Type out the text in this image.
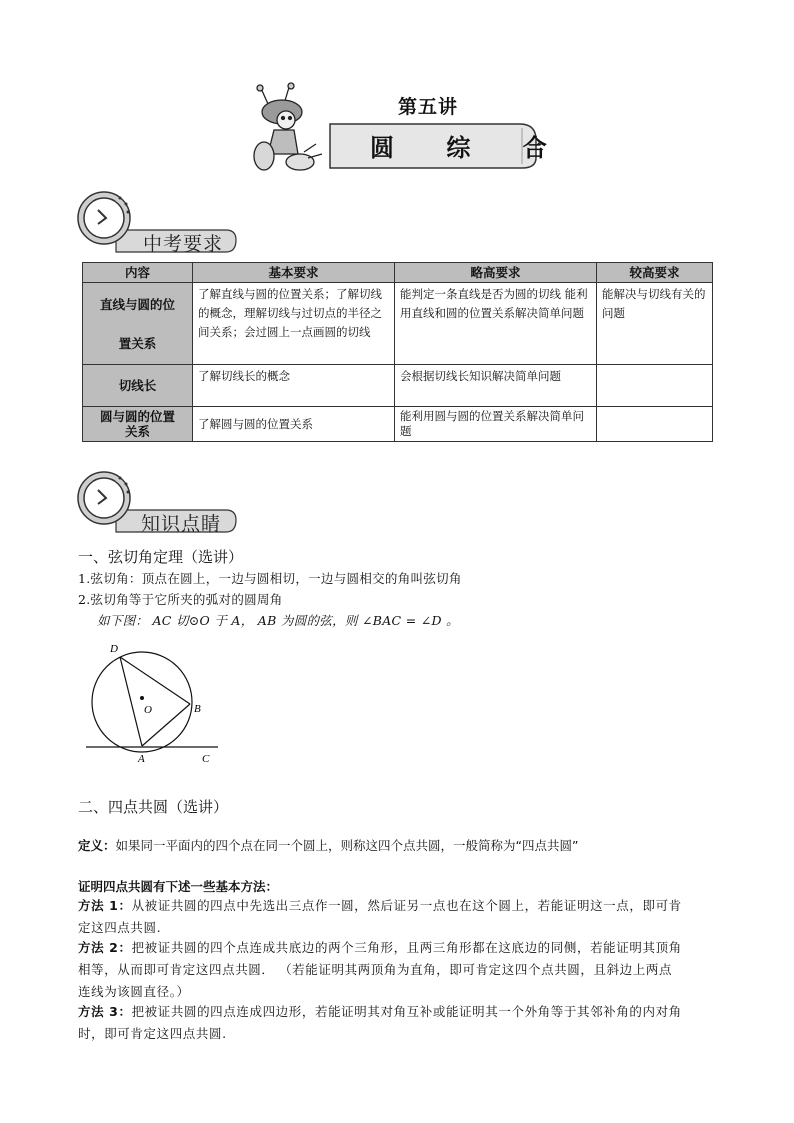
第五讲
圆 综 合
中考要求
内容	基本要求	略高要求	较高要求

直线与圆的位
置关系	了解直线与圆的位置关系；了解切线的概念，理解切线与过切点的半径之间关系；会过圆上一点画圆的切线	能判定一条直线是否为圆的切线 能利用直线和圆的位置关系解决简单问题	能解决与切线有关的问题

切线长	了解切线长的概念	会根据切线长知识解决简单问题	

圆与圆的位置
关系	了解圆与圆的位置关系	能利用圆与圆的位置关系解决简单问题	
知识点睛
一、弦切角定理（选讲）
1.弦切角：顶点在圆上，一边与圆相切，一边与圆相交的角叫弦切角
2.弦切角等于它所夹的弧对的圆周角
如下图： AC 切⊙O 于 A， AB 为圆的弦，则 ∠BAC = ∠D 。
D
O	B
A	C
二、四点共圆（选讲）
定义：如果同一平面内的四个点在同一个圆上，则称这四个点共圆，一般简称为“四点共圆”
证明四点共圆有下述一些基本方法：
方法 1：从被证共圆的四点中先选出三点作一圆，然后证另一点也在这个圆上，若能证明这一点，即可肯
定这四点共圆.
方法 2：把被证共圆的四个点连成共底边的两个三角形，且两三角形都在这底边的同侧，若能证明其顶角
相等，从而即可肯定这四点共圆． （若能证明其两顶角为直角，即可肯定这四个点共圆，且斜边上两点
连线为该圆直径。）
方法 3：把被证共圆的四点连成四边形，若能证明其对角互补或能证明其一个外角等于其邻补角的内对角
时，即可肯定这四点共圆.
